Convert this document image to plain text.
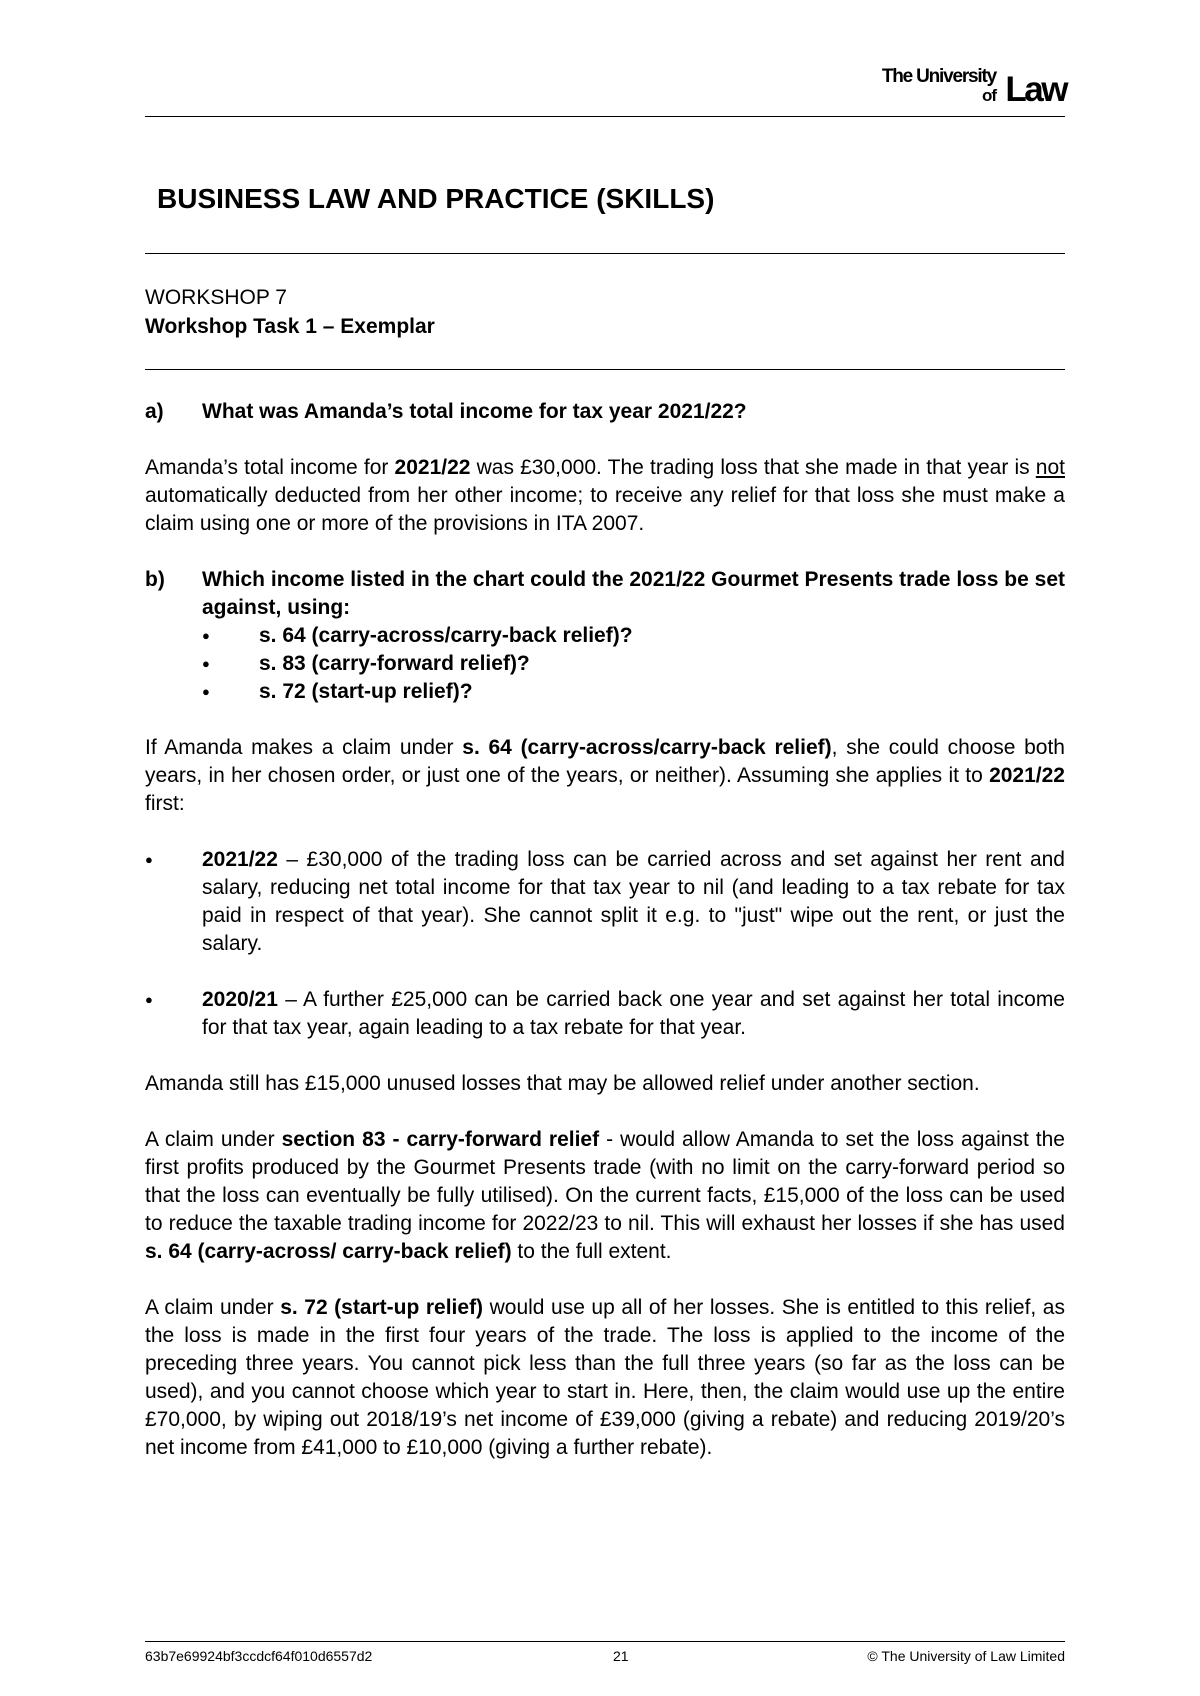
The University
of Law
BUSINESS LAW AND PRACTICE (SKILLS)
WORKSHOP 7
Workshop Task 1 – Exemplar
a) What was Amanda’s total income for tax year 2021/22?

Amanda’s total income for 2021/22 was £30,000. The trading loss that she made in that year is not automatically deducted from her other income; to receive any relief for that loss she must make a claim using one or more of the provisions in ITA 2007.

b) Which income listed in the chart could the 2021/22 Gourmet Presents trade loss be set against, using:
● s. 64 (carry-across/carry-back relief)?
● s. 83 (carry-forward relief)?
● s. 72 (start-up relief)?

If Amanda makes a claim under s. 64 (carry-across/carry-back relief), she could choose both years, in her chosen order, or just one of the years, or neither). Assuming she applies it to 2021/22 first:

● 2021/22 – £30,000 of the trading loss can be carried across and set against her rent and salary, reducing net total income for that tax year to nil (and leading to a tax rebate for tax paid in respect of that year). She cannot split it e.g. to "just" wipe out the rent, or just the salary.
● 2020/21 – A further £25,000 can be carried back one year and set against her total income for that tax year, again leading to a tax rebate for that year.

Amanda still has £15,000 unused losses that may be allowed relief under another section.

A claim under section 83 - carry-forward relief - would allow Amanda to set the loss against the first profits produced by the Gourmet Presents trade (with no limit on the carry-forward period so that the loss can eventually be fully utilised). On the current facts, £15,000 of the loss can be used to reduce the taxable trading income for 2022/23 to nil. This will exhaust her losses if she has used s. 64 (carry-across/ carry-back relief) to the full extent.

A claim under s. 72 (start-up relief) would use up all of her losses. She is entitled to this relief, as the loss is made in the first four years of the trade. The loss is applied to the income of the preceding three years. You cannot pick less than the full three years (so far as the loss can be used), and you cannot choose which year to start in. Here, then, the claim would use up the entire £70,000, by wiping out 2018/19’s net income of £39,000 (giving a rebate) and reducing 2019/20’s net income from £41,000 to £10,000 (giving a further rebate).

63b7e69924bf3ccdcf64f010d6557d2	21	© The University of Law Limited
